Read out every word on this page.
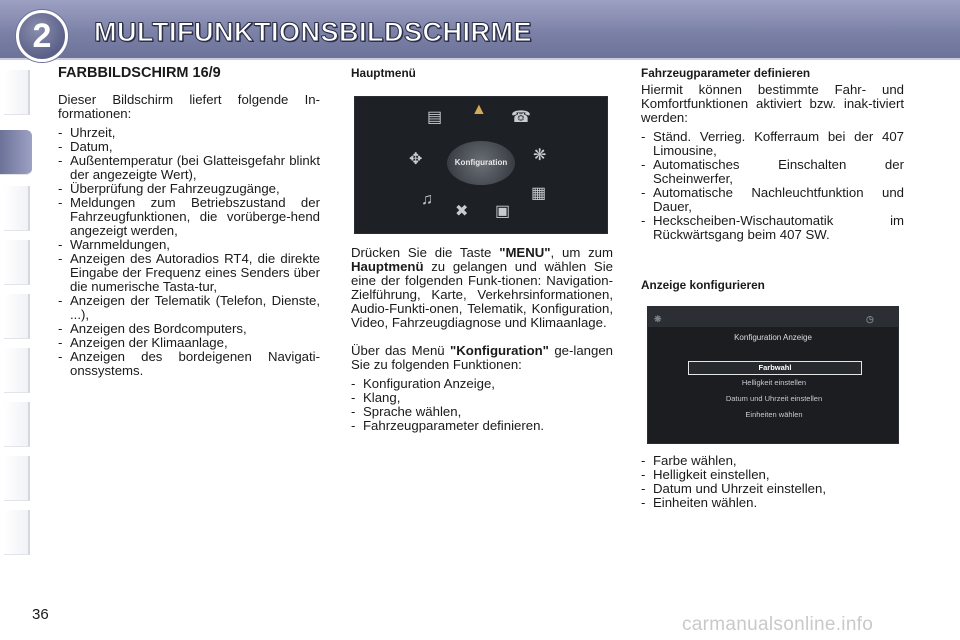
2	MULTIFUNKTIONSBILDSCHIRME
FARBBILDSCHIRM 16/9

Dieser Bildschirm liefert folgende In-formationen:

- Uhrzeit,
- Datum,
- Außentemperatur (bei Glatteisgefahr blinkt der angezeigte Wert),
- Überprüfung der Fahrzeugzugänge,
- Meldungen zum Betriebszustand der Fahrzeugfunktionen, die vorüberge-hend angezeigt werden,
- Warnmeldungen,
- Anzeigen des Autoradios RT4, die direkte Eingabe der Frequenz eines Senders über die numerische Tasta-tur,
- Anzeigen der Telematik (Telefon, Dienste, ...),
- Anzeigen des Bordcomputers,
- Anzeigen der Klimaanlage,
- Anzeigen des bordeigenen Navigati-onssystems.
Hauptmenü
▤ ▲ ☎
✥	❋
♫
✖ ▣
▦
Konfiguration

Drücken Sie die Taste "MENU", um zum Hauptmenü zu gelangen und wählen Sie eine der folgenden Funk-tionen: Navigation-Zielführung, Karte, Verkehrsinformationen, Audio-Funkti-onen, Telematik, Konfiguration, Video, Fahrzeugdiagnose und Klimaanlage.

Über das Menü "Konfiguration" ge-langen Sie zu folgenden Funktionen:

- Konfiguration Anzeige,
- Klang,
- Sprache wählen,
- Fahrzeugparameter definieren.
Fahrzeugparameter definieren

Hiermit können bestimmte Fahr- und Komfortfunktionen aktiviert bzw. inak-tiviert werden:

- Ständ. Verrieg. Kofferraum bei der 407 Limousine,
- Automatisches Einschalten der Scheinwerfer,
- Automatische Nachleuchtfunktion und Dauer,
- Heckscheiben-Wischautomatik im Rückwärtsgang beim 407 SW.
Anzeige konfigurieren
❋	◷
Konfiguration Anzeige
Farbwahl
Helligkeit einstellen
Datum und Uhrzeit einstellen
Einheiten wählen
- Farbe wählen,
- Helligkeit einstellen,
- Datum und Uhrzeit einstellen,
- Einheiten wählen.
36	carmanualsonline.info
